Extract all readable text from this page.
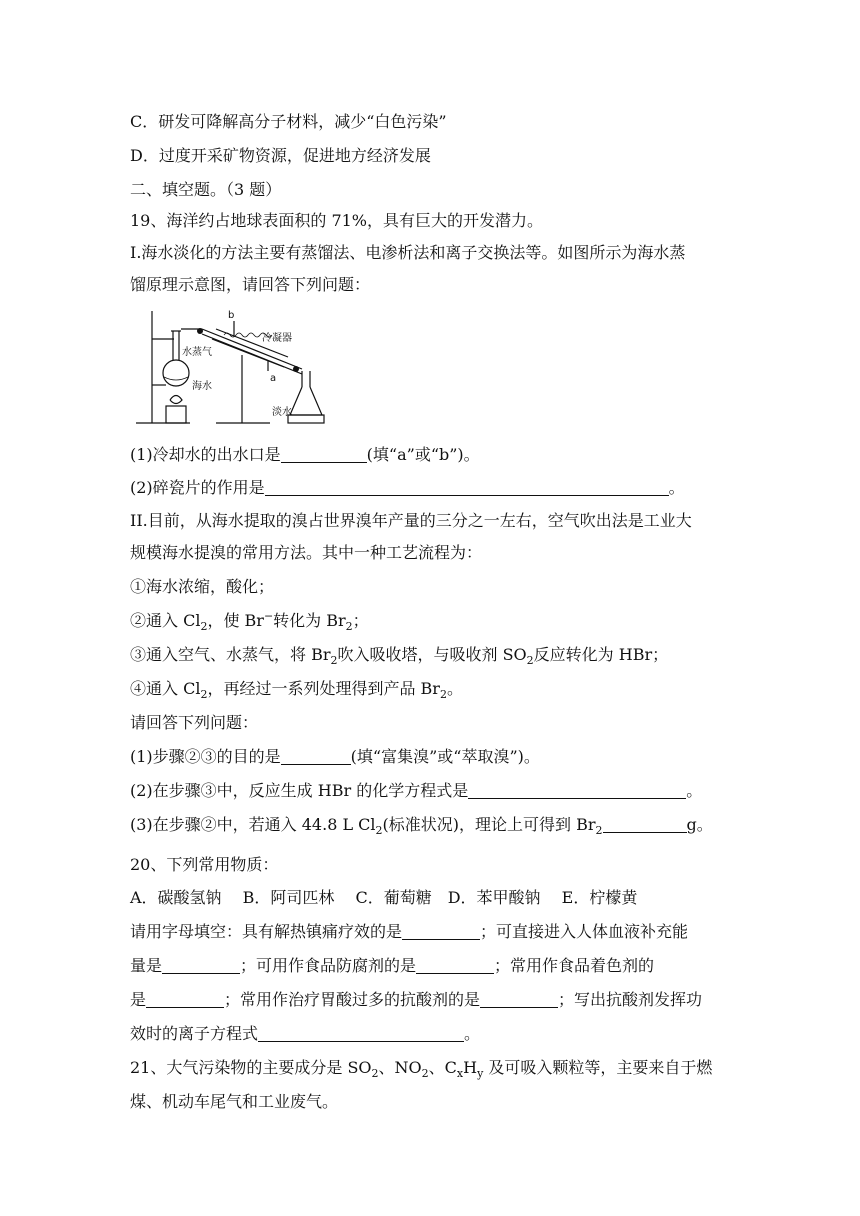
C．研发可降解高分子材料，减少“白色污染”
D．过度开采矿物资源，促进地方经济发展
二、填空题。（3 题）
19、海洋约占地球表面积的 71%，具有巨大的开发潜力。
I.海水淡化的方法主要有蒸馏法、电渗析法和离子交换法等。如图所示为海水蒸
馏原理示意图，请回答下列问题：
b
冷凝器
水蒸气
海水
a
淡水
(1)冷却水的出水口是	(填“a”或“b”)。
(2)碎瓷片的作用是	。
II.目前，从海水提取的溴占世界溴年产量的三分之一左右，空气吹出法是工业大
规模海水提溴的常用方法。其中一种工艺流程为：
①海水浓缩，酸化；
②通入 $Cl_2$，使 Br−转化为 $Br_2$；
③通入空气、水蒸气，将 $Br_2$吹入吸收塔，与吸收剂 $SO_2$反应转化为 HBr；
④通入 $Cl_2$，再经过一系列处理得到产品 $Br_2$。
请回答下列问题：
(1)步骤②③的目的是	(填“富集溴”或“萃取溴”)。
(2)在步骤③中，反应生成 HBr 的化学方程式是	。
(3)在步骤②中，若通入 44.8 L $Cl_2$(标准状况)，理论上可得到 $Br_2$	g。
20、下列常用物质：
A．碳酸氢钠　 B．阿司匹林　 C．葡萄糖　D．苯甲酸钠　 E．柠檬黄
请用字母填空：具有解热镇痛疗效的是	；可直接进入人体血液补充能
量是	；可用作食品防腐剂的是	；常用作食品着色剂的
是	；常用作治疗胃酸过多的抗酸剂的是	；写出抗酸剂发挥功
效时的离子方程式	。
21、大气污染物的主要成分是 $SO_2$、$NO_2$、$C_xH_y$ 及可吸入颗粒等，主要来自于燃
煤、机动车尾气和工业废气。
